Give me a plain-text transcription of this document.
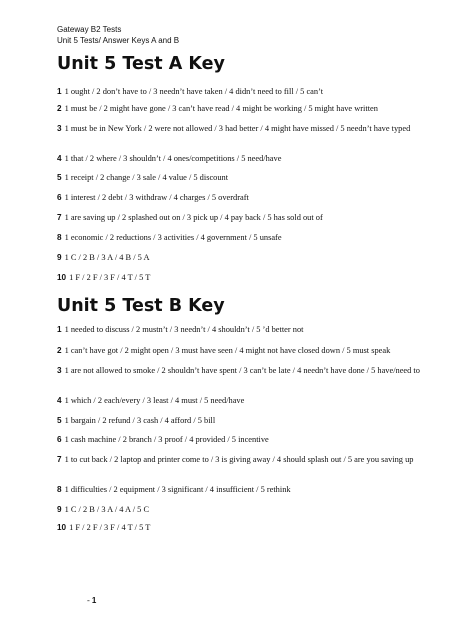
Gateway B2 Tests
Unit 5 Tests/ Answer Keys A and B
Unit 5 Test A Key
1 1 ought / 2 don’t have to / 3 needn’t have taken / 4 didn’t need to fill / 5 can’t
2 1 must be / 2 might have gone / 3 can’t have read / 4 might be working / 5 might have written
3 1 must be in New York / 2 were not allowed / 3 had better / 4 might have missed / 5 needn’t have typed
4 1 that / 2 where / 3 shouldn’t / 4 ones/competitions / 5 need/have
5 1 receipt / 2 change / 3 sale / 4 value / 5 discount
6 1 interest / 2 debt / 3 withdraw / 4 charges / 5 overdraft
7 1 are saving up / 2 splashed out on / 3 pick up / 4 pay back / 5 has sold out of
8 1 economic / 2 reductions / 3 activities / 4 government / 5 unsafe
9 1 C / 2 B / 3 A / 4 B / 5 A
10 1 F / 2 F / 3 F / 4 T / 5 T
Unit 5 Test B Key
1 1 needed to discuss / 2 mustn’t / 3 needn’t / 4 shouldn’t / 5 ’d better not
2 1 can’t have got / 2 might open / 3 must have seen / 4 might not have closed down / 5 must speak
3 1 are not allowed to smoke / 2 shouldn’t have spent / 3 can’t be late / 4 needn’t have done / 5 have/need to
4 1 which / 2 each/every / 3 least / 4 must / 5 need/have
5 1 bargain / 2 refund / 3 cash / 4 afford / 5 bill
6 1 cash machine / 2 branch / 3 proof / 4 provided / 5 incentive
7 1 to cut back / 2 laptop and printer come to / 3 is giving away / 4 should splash out / 5 are you saving up
8 1 difficulties / 2 equipment / 3 significant / 4 insufficient / 5 rethink
9 1 C / 2 B / 3 A / 4 A / 5 C
10 1 F / 2 F / 3 F / 4 T / 5 T
- 1
